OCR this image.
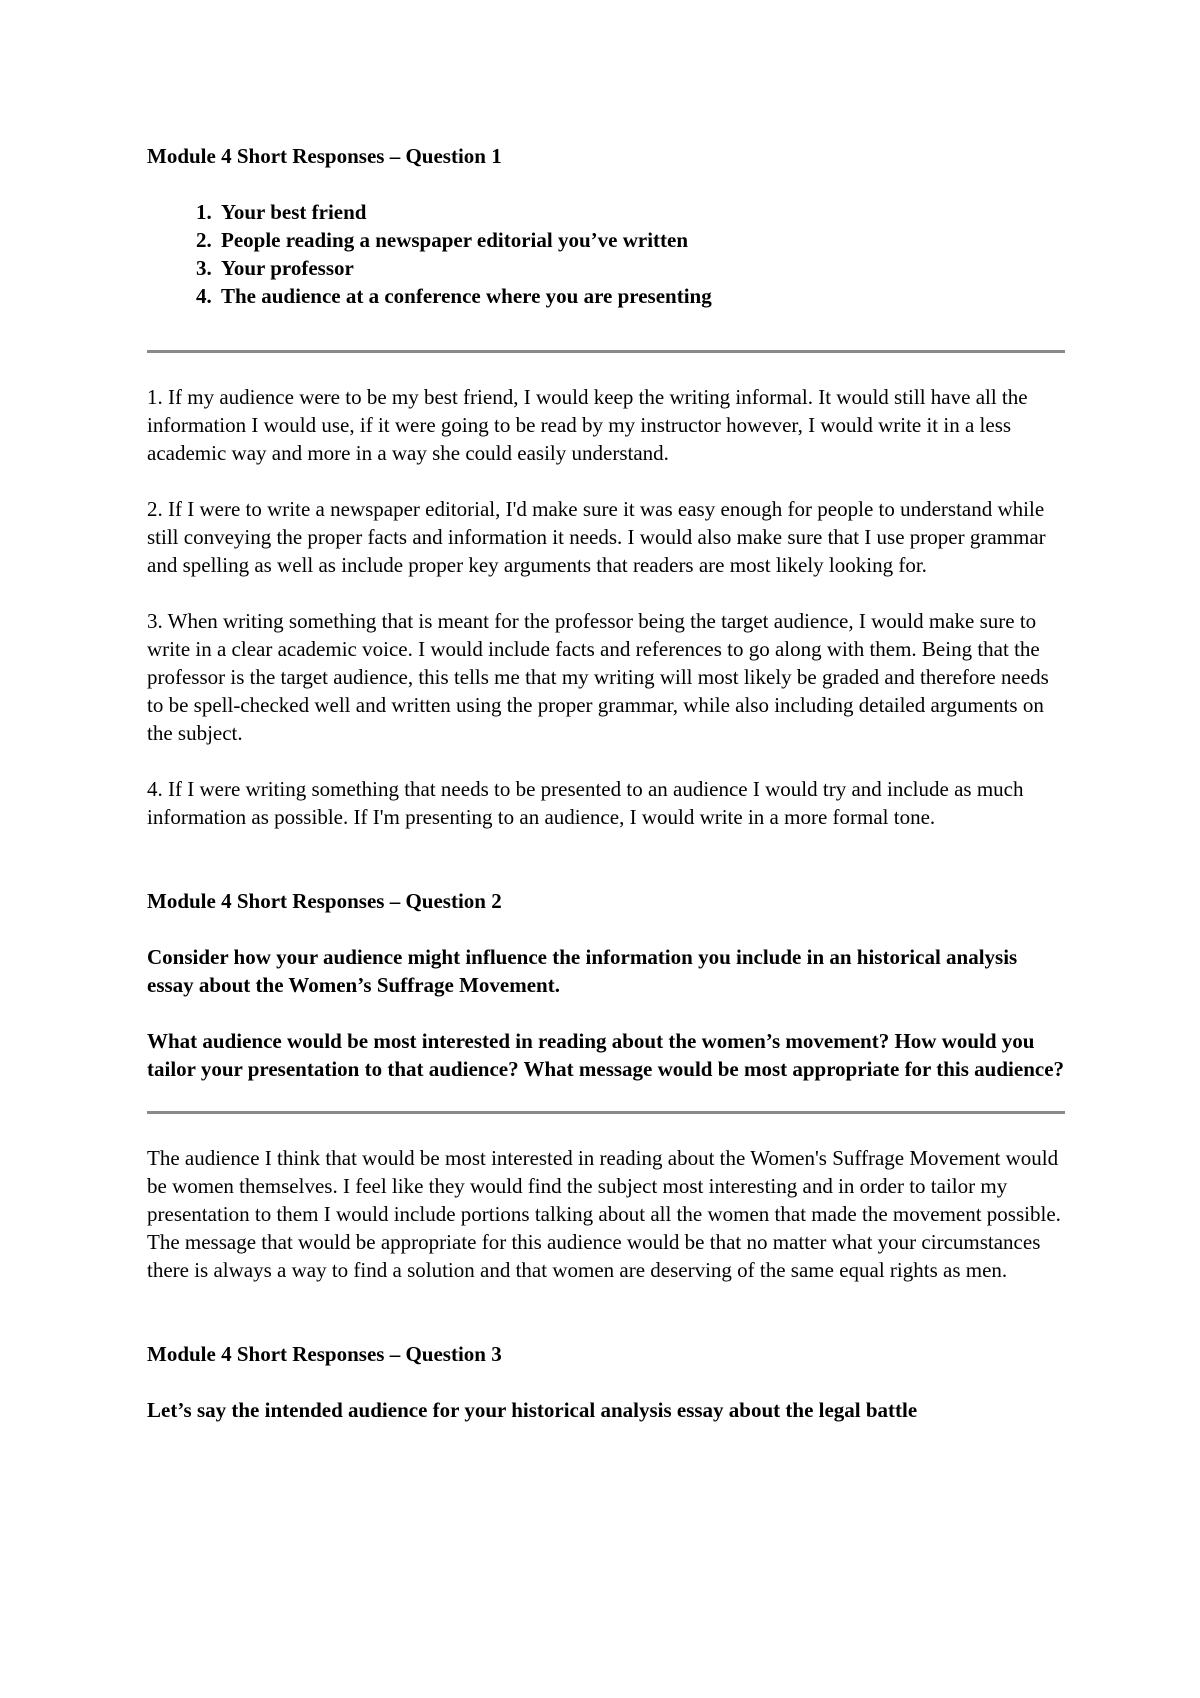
Module 4 Short Responses – Question 1
1. Your best friend
2. People reading a newspaper editorial you’ve written
3. Your professor
4. The audience at a conference where you are presenting

1. If my audience were to be my best friend, I would keep the writing informal. It would still have all the information I would use, if it were going to be read by my instructor however, I would write it in a less academic way and more in a way she could easily understand.

2. If I were to write a newspaper editorial, I'd make sure it was easy enough for people to understand while still conveying the proper facts and information it needs. I would also make sure that I use proper grammar and spelling as well as include proper key arguments that readers are most likely looking for.

3. When writing something that is meant for the professor being the target audience, I would make sure to write in a clear academic voice. I would include facts and references to go along with them. Being that the professor is the target audience, this tells me that my writing will most likely be graded and therefore needs to be spell-checked well and written using the proper grammar, while also including detailed arguments on the subject.

4. If I were writing something that needs to be presented to an audience I would try and include as much information as possible. If I'm presenting to an audience, I would write in a more formal tone.

Module 4 Short Responses – Question 2

Consider how your audience might influence the information you include in an historical analysis essay about the Women’s Suffrage Movement.

What audience would be most interested in reading about the women’s movement? How would you tailor your presentation to that audience? What message would be most appropriate for this audience?

The audience I think that would be most interested in reading about the Women's Suffrage Movement would be women themselves. I feel like they would find the subject most interesting and in order to tailor my presentation to them I would include portions talking about all the women that made the movement possible. The message that would be appropriate for this audience would be that no matter what your circumstances there is always a way to find a solution and that women are deserving of the same equal rights as men.

Module 4 Short Responses – Question 3

Let’s say the intended audience for your historical analysis essay about the legal battle
